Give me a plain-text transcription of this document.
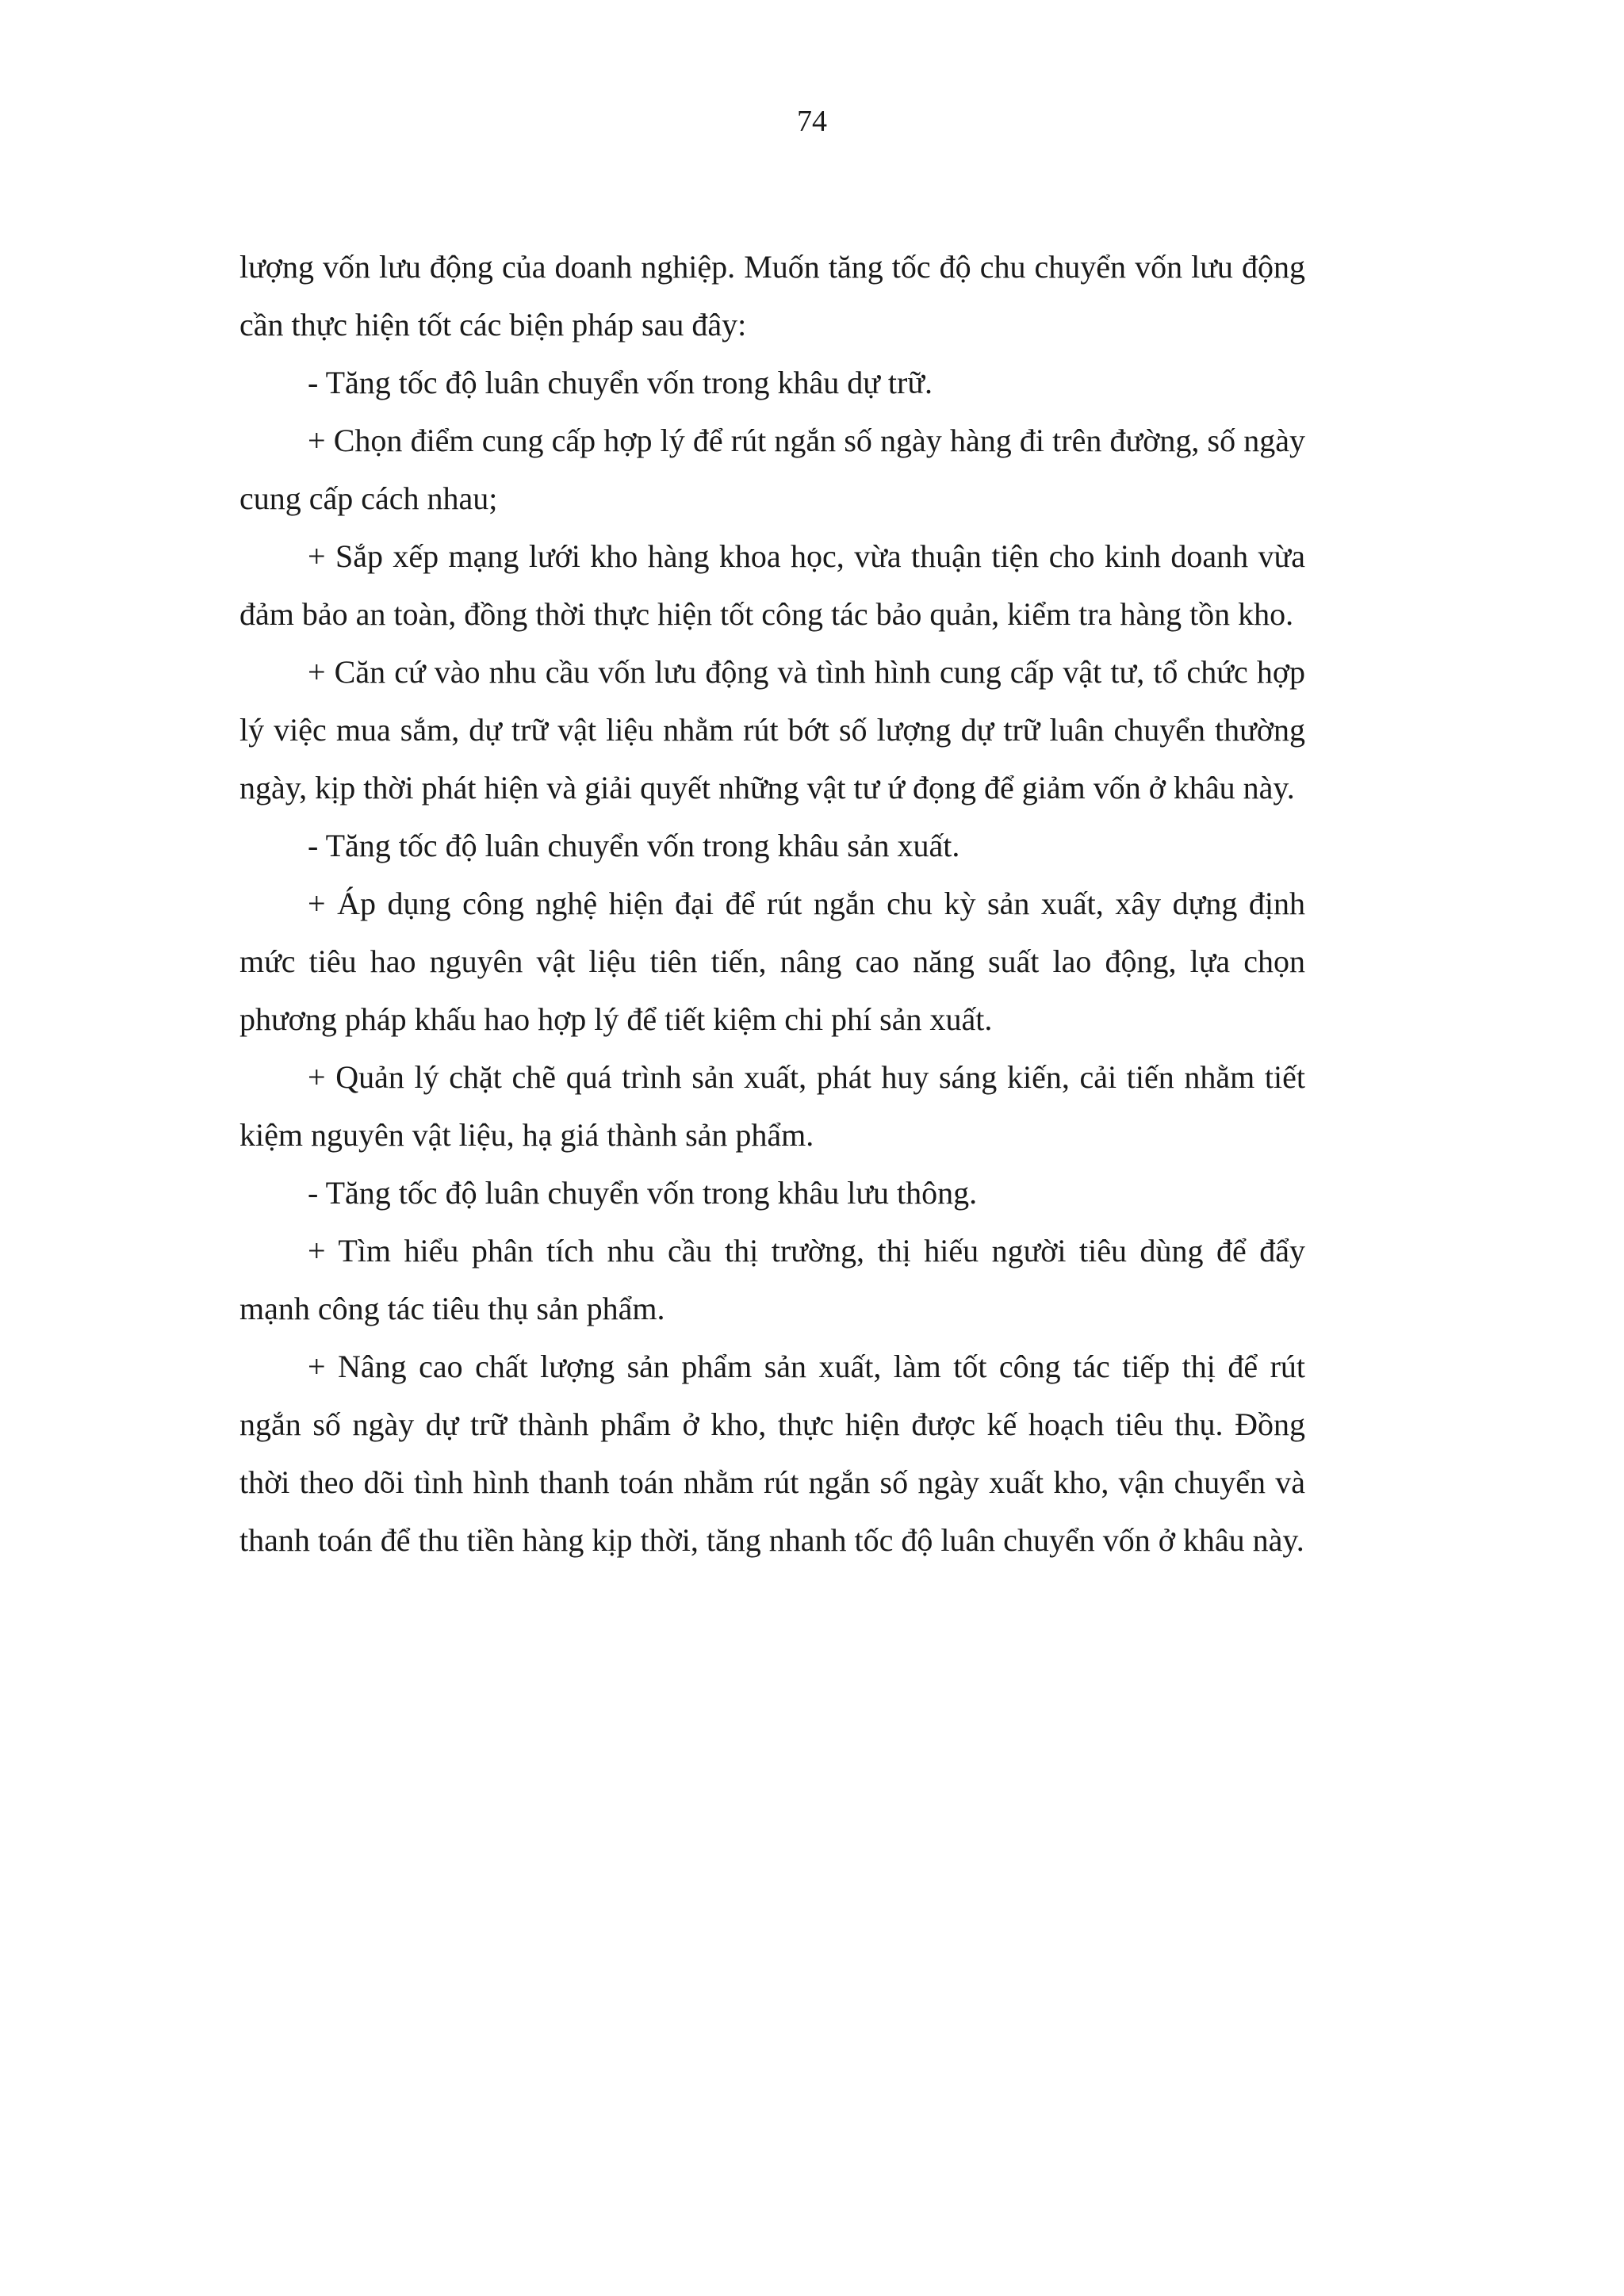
74

lượng vốn lưu động của doanh nghiệp. Muốn tăng tốc độ chu chuyển vốn lưu động cần thực hiện tốt các biện pháp sau đây:

- Tăng tốc độ luân chuyển vốn trong khâu dự trữ.

+ Chọn điểm cung cấp hợp lý để rút ngắn số ngày hàng đi trên đường, số ngày cung cấp cách nhau;

+ Sắp xếp mạng lưới kho hàng khoa học, vừa thuận tiện cho kinh doanh vừa đảm bảo an toàn, đồng thời thực hiện tốt công tác bảo quản, kiểm tra hàng tồn kho.

+ Căn cứ vào nhu cầu vốn lưu động và tình hình cung cấp vật tư, tổ chức hợp lý việc mua sắm, dự trữ vật liệu nhằm rút bớt số lượng dự trữ luân chuyển thường ngày, kịp thời phát hiện và giải quyết những vật tư ứ đọng để giảm vốn ở khâu này.

- Tăng tốc độ luân chuyển vốn trong khâu sản xuất.

+ Áp dụng công nghệ hiện đại để rút ngắn chu kỳ sản xuất, xây dựng định mức tiêu hao nguyên vật liệu tiên tiến, nâng cao năng suất lao động, lựa chọn phương pháp khấu hao hợp lý để tiết kiệm chi phí sản xuất.

+ Quản lý chặt chẽ quá trình sản xuất, phát huy sáng kiến, cải tiến nhằm tiết kiệm nguyên vật liệu, hạ giá thành sản phẩm.

- Tăng tốc độ luân chuyển vốn trong khâu lưu thông.

+ Tìm hiểu phân tích nhu cầu thị trường, thị hiếu người tiêu dùng để đẩy mạnh công tác tiêu thụ sản phẩm.

+ Nâng cao chất lượng sản phẩm sản xuất, làm tốt công tác tiếp thị để rút ngắn số ngày dự trữ thành phẩm ở kho, thực hiện được kế hoạch tiêu thụ. Đồng thời theo dõi tình hình thanh toán nhằm rút ngắn số ngày xuất kho, vận chuyển và thanh toán để thu tiền hàng kịp thời, tăng nhanh tốc độ luân chuyển vốn ở khâu này.
